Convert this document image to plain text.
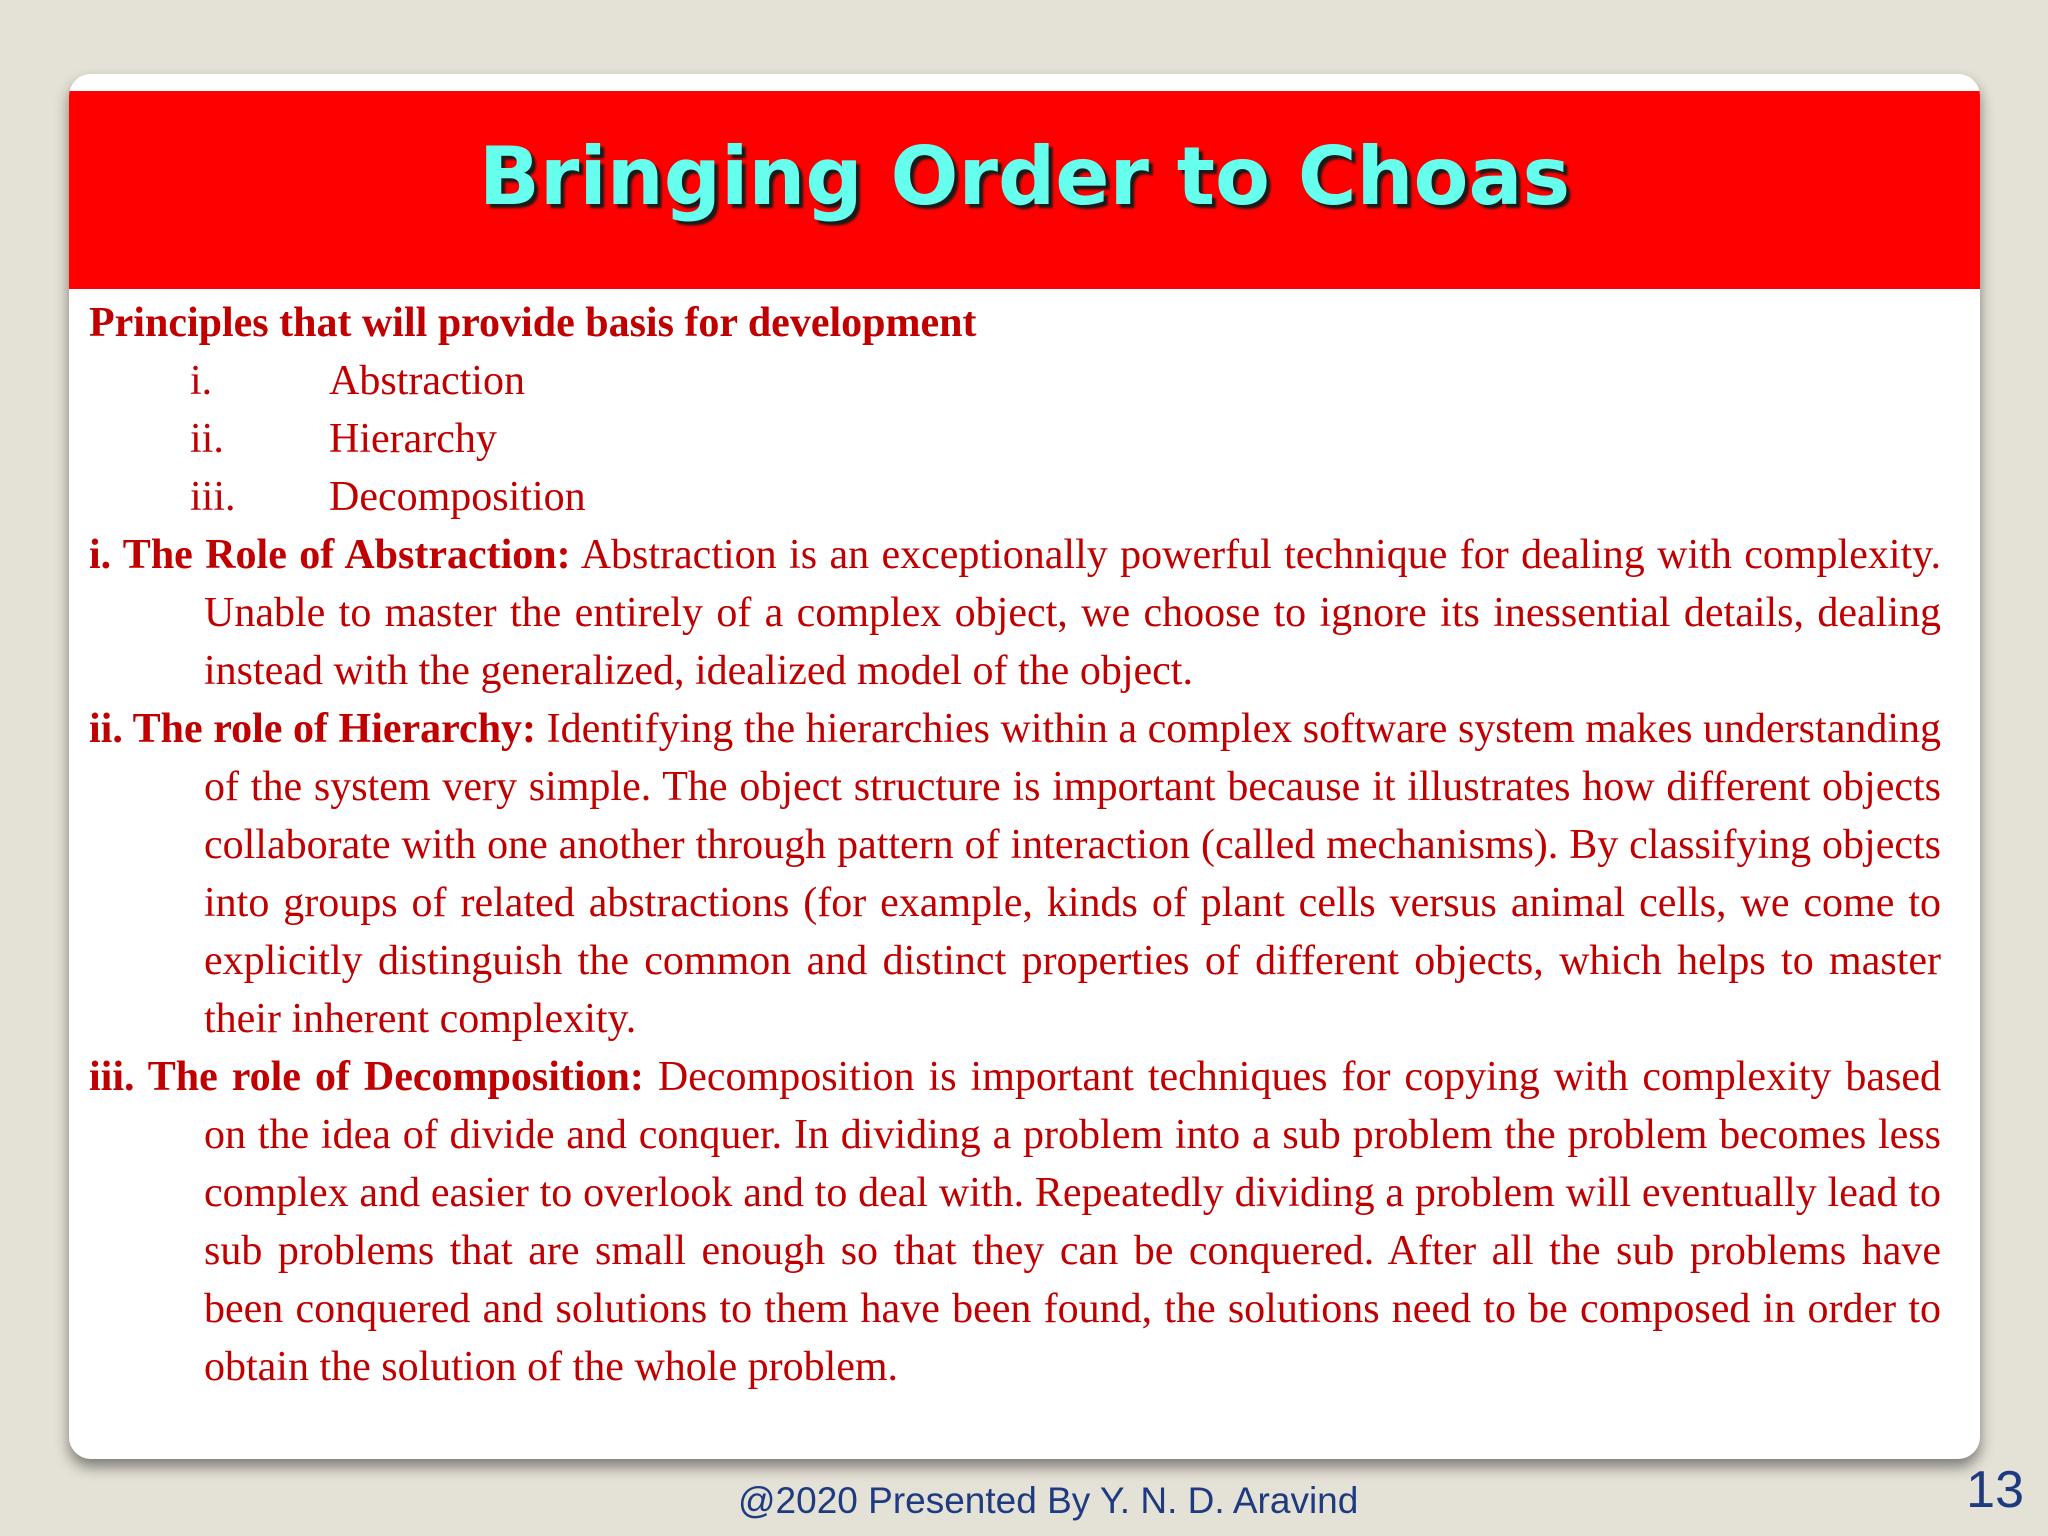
Bringing Order to Choas

Principles that will provide basis for development

i.	Abstraction
ii.	Hierarchy
iii.	Decomposition

i. The Role of Abstraction: Abstraction is an exceptionally powerful technique for dealing with complexity. Unable to master the entirely of a complex object, we choose to ignore its inessential details, dealing instead with the generalized, idealized model of the object.

ii. The role of Hierarchy: Identifying the hierarchies within a complex software system makes understanding of the system very simple. The object structure is important because it illustrates how different objects collaborate with one another through pattern of interaction (called mechanisms). By classifying objects into groups of related abstractions (for example, kinds of plant cells versus animal cells, we come to explicitly distinguish the common and distinct properties of different objects, which helps to master their inherent complexity.

iii. The role of Decomposition: Decomposition is important techniques for copying with complexity based on the idea of divide and conquer. In dividing a problem into a sub problem the problem becomes less complex and easier to overlook and to deal with. Repeatedly dividing a problem will eventually lead to sub problems that are small enough so that they can be conquered. After all the sub problems have been conquered and solutions to them have been found, the solutions need to be composed in order to obtain the solution of the whole problem.

@2020 Presented By Y. N. D. Aravind	13
